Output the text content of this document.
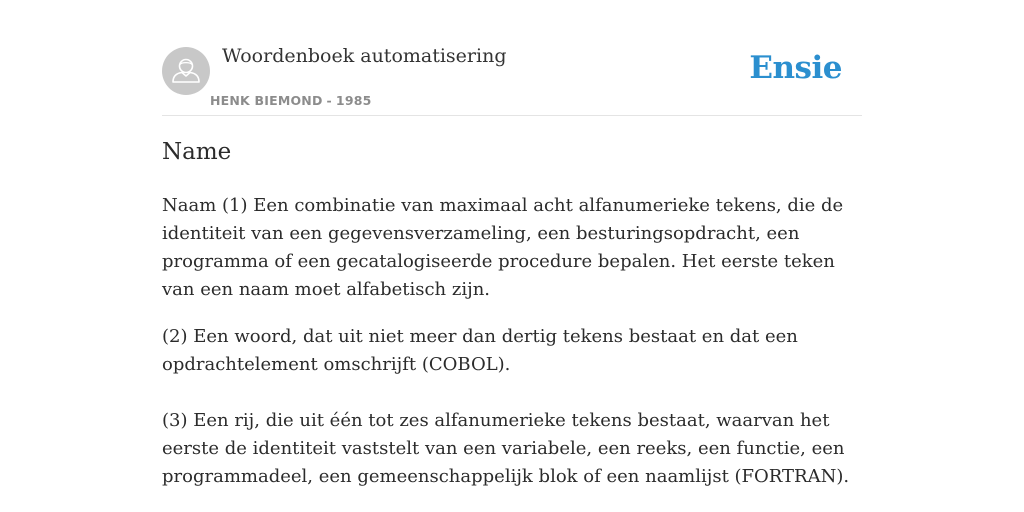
Woordenboek automatisering
HENK BIEMOND - 1985
Ensie
Name

Naam (1) Een combinatie van maximaal acht alfanumerieke tekens, die de identiteit van een gegevensverzameling, een besturingsopdracht, een programma of een gecatalogiseerde procedure bepalen. Het eerste teken van een naam moet alfabetisch zijn.

(2) Een woord, dat uit niet meer dan dertig tekens bestaat en dat een opdrachtelement omschrijft (COBOL).

(3) Een rij, die uit één tot zes alfanumerieke tekens bestaat, waarvan het eerste de identiteit vaststelt van een variabele, een reeks, een functie, een programmadeel, een gemeenschappelijk blok of een naamlijst (FORTRAN).
